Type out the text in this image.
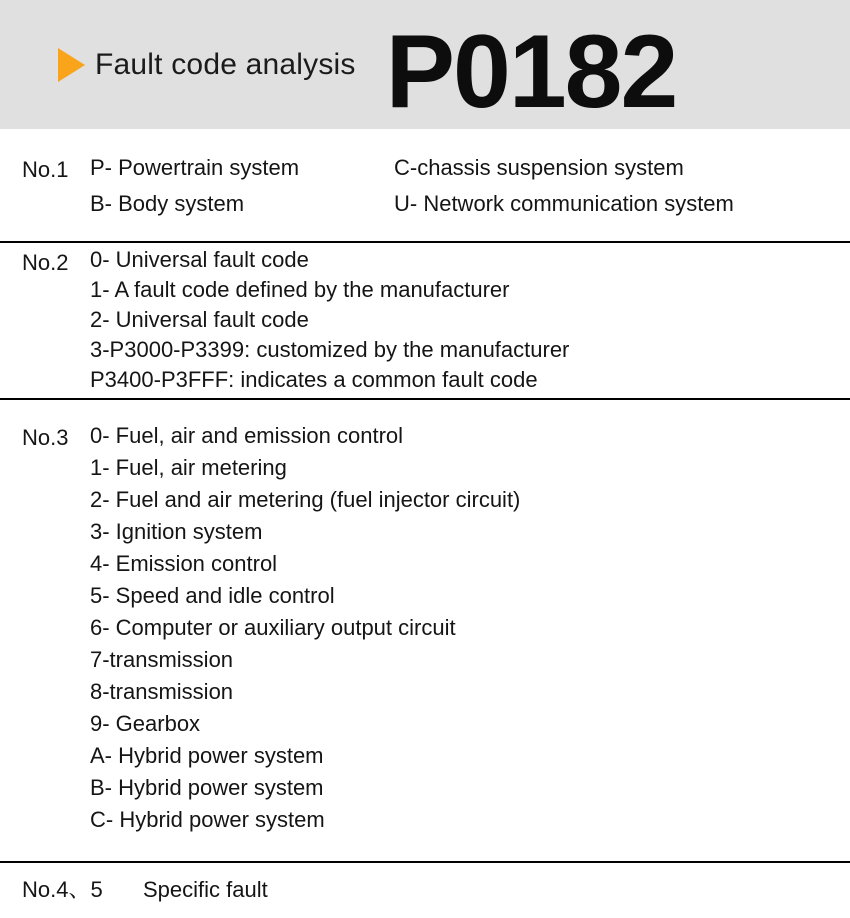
Fault code analysis P0182
No.1 P- Powertrain system	C-chassis suspension system
B- Body system	U- Network communication system
No.2 0- Universal fault code
1- A fault code defined by the manufacturer
2- Universal fault code
3-P3000-P3399: customized by the manufacturer
P3400-P3FFF: indicates a common fault code
No.3 0- Fuel, air and emission control
1- Fuel, air metering
2- Fuel and air metering (fuel injector circuit)
3- Ignition system
4- Emission control
5- Speed and idle control
6- Computer or auxiliary output circuit
7-transmission
8-transmission
9- Gearbox
A- Hybrid power system
B- Hybrid power system
C- Hybrid power system
No.4、5	Specific fault
